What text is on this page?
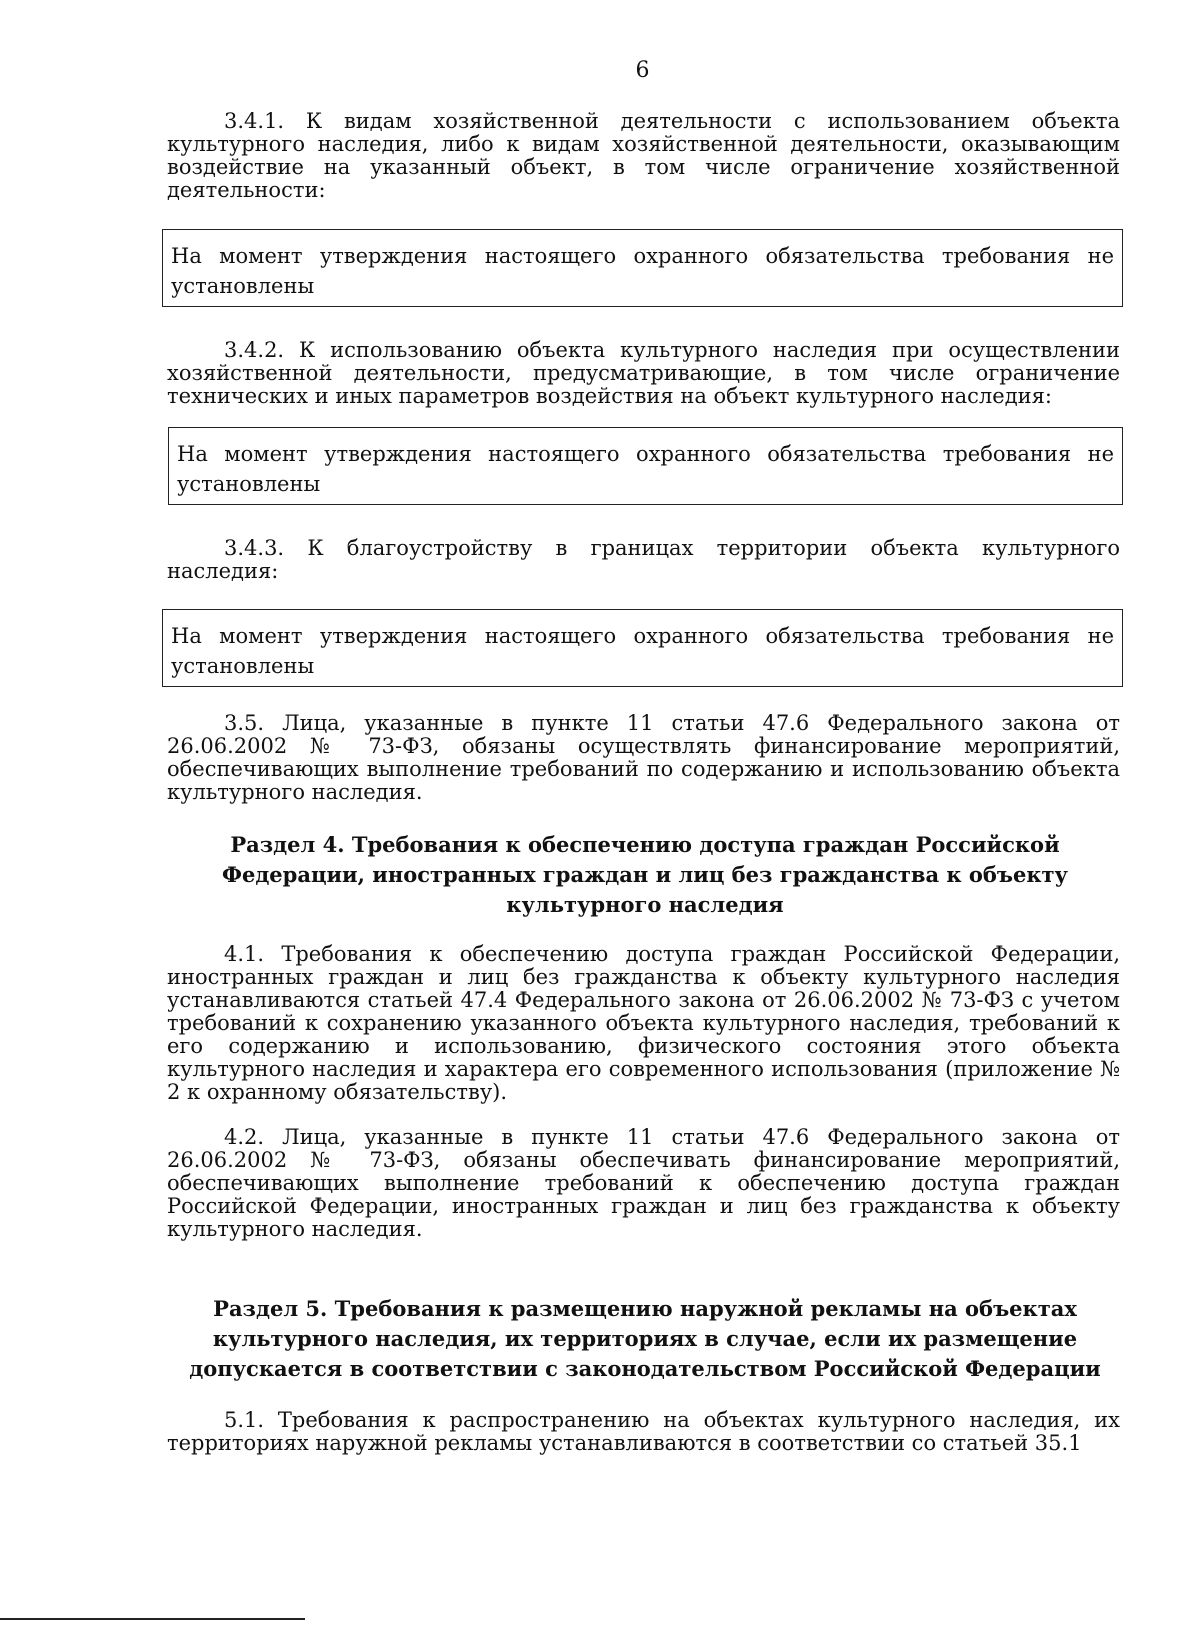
6

3.4.1. К видам хозяйственной деятельности с использованием объекта культурного наследия, либо к видам хозяйственной деятельности, оказывающим воздействие на указанный объект, в том числе ограничение хозяйственной деятельности:

На момент утверждения настоящего охранного обязательства требования не установлены

3.4.2. К использованию объекта культурного наследия при осуществлении хозяйственной деятельности, предусматривающие, в том числе ограничение технических и иных параметров воздействия на объект культурного наследия:

На момент утверждения настоящего охранного обязательства требования не установлены

3.4.3. К благоустройству в границах территории объекта культурного наследия:

На момент утверждения настоящего охранного обязательства требования не установлены

3.5. Лица, указанные в пункте 11 статьи 47.6 Федерального закона от 26.06.2002 № 73-ФЗ, обязаны осуществлять финансирование мероприятий, обеспечивающих выполнение требований по содержанию и использованию объекта культурного наследия.

Раздел 4. Требования к обеспечению доступа граждан Российской
Федерации, иностранных граждан и лиц без гражданства к объекту
культурного наследия

4.1. Требования к обеспечению доступа граждан Российской Федерации, иностранных граждан и лиц без гражданства к объекту культурного наследия устанавливаются статьей 47.4 Федерального закона от 26.06.2002 № 73-ФЗ с учетом требований к сохранению указанного объекта культурного наследия, требований к его содержанию и использованию, физического состояния этого объекта культурного наследия и характера его современного использования (приложение № 2 к охранному обязательству).

4.2. Лица, указанные в пункте 11 статьи 47.6 Федерального закона от 26.06.2002 № 73-ФЗ, обязаны обеспечивать финансирование мероприятий, обеспечивающих выполнение требований к обеспечению доступа граждан Российской Федерации, иностранных граждан и лиц без гражданства к объекту культурного наследия.

Раздел 5. Требования к размещению наружной рекламы на объектах
культурного наследия, их территориях в случае, если их размещение
допускается в соответствии с законодательством Российской Федерации

5.1. Требования к распространению на объектах культурного наследия, их территориях наружной рекламы устанавливаются в соответствии со статьей 35.1
